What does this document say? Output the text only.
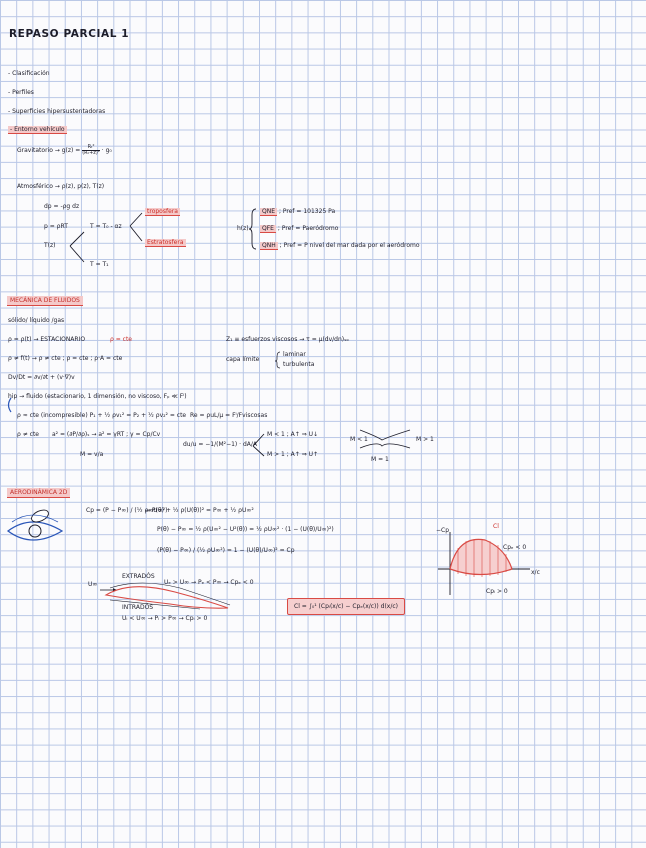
REPASO PARCIAL 1
- Clasificación
- Perfiles
- Superficies hipersustentadoras
- Entorno vehículo
Gravitatorio → $g(z) = \frac{\text{Rₜ²}}{\text{(Rₜ+z)²}} \cdot g_0$
Atmosférico → ρ(z), p(z), T(z)
dp = -ρg dz
p = ρRT
T(z)
T = T₀ - αz
T = T₁
troposfera
Estratosfera
h(z)
QNE ; Pref = 101325 Pa
QFE ; Pref = Paeródromo
QNH ; Pref = P nivel del mar dada por el aeródromo
MECÁNICA DE FLUIDOS
sólido/ líquido /gas
ρ = ρ(t) → ESTACIONARIO	ρ = cte
ρ ≠ f(t) → ρ ≠ cte ; ρ = cte ; ρ·A = cte
Dv/Dt = ∂v/∂t + (v·∇)v
Z₁ ≡ esfuerzos viscosos → τ = μ(dv/dn)ₛₒ
capa límite
laminar
turbulenta
hip → fluido (estacionario, 1 dimensión, no viscoso, Fₚ ≪ Fᴵ)
ρ ≈ cte (incompresible) P₁ + ½ ρv₁² = P₂ + ½ ρv₂² = cte Re = ρuL/μ = Fᴵ/Fviscosas
ρ ≠ cte a² = (∂P/∂ρ)ₛ → a² = γRT ; γ = Cp/Cv
M = v/a
du/u = −1/(M²−1) · dA/A
M < 1 ; A↑ ⇒ U↓
M > 1 ; A↑ ⇒ U↑
M < 1	M > 1
M = 1
AERODINÁMICA 2D
Cp = (P − P∞) / (½ ρ∞U∞²)
→ P(θ) + ½ ρ(U(θ))² = P∞ + ½ ρU∞²
P(θ) − P∞ = ½ ρ(U∞² − U²(θ)) = ½ ρU∞² · (1 − (U(θ)/U∞)²)
(P(θ) − P∞) / (½ ρU∞²) = 1 − (U(θ)/U∞)² = Cp
EXTRADÓS
INTRADÓS
U∞	Uₑ > U∞ → Pₑ < P∞ → Cpₑ < 0
Uᵢ < U∞ → Pᵢ > P∞ → Cpᵢ > 0
Cl = ∫₀¹ (Cpᵢ(x/c) − Cpₑ(x/c)) d(x/c)
−Cp
x/c
Cl
Cpₑ < 0
Cpᵢ > 0
